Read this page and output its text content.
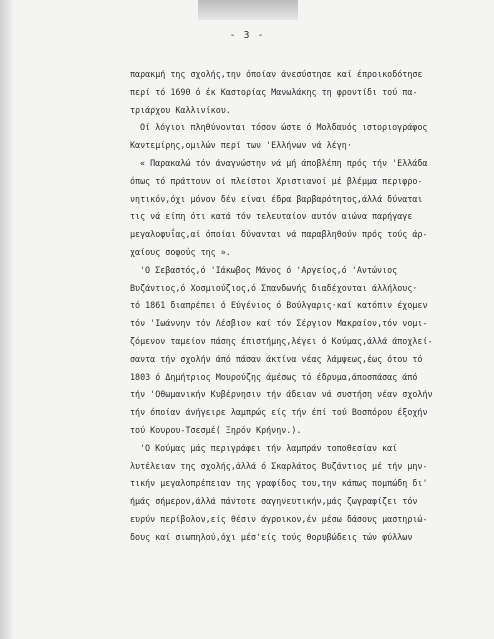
- 3 -
παρακμή της σχολής,την όποίαν άνεσύστησε καί έπροικοδότησε
περί τό 1690 ό έκ Καστορίας Μανωλάκης τη φροντίδι τού πα-
τριάρχου Καλλινίκου.
Οί λόγιοι πληθύνονται τόσον ώστε ό Μολδαυός ιστοριογράφος
Καντεμίρης,ομιλών περί των 'Ελλήνων νά λέγη·
« Παρακαλώ τόν άναγνώστην νά μή άποβλέπη πρός τήν 'Ελλάδα
όπως τό πράττουν οί πλείστοι Χριστιανοί μέ βλέμμα περιφρο-
νητικόν,όχι μόνον δέν είναι έδρα βαρβαρότητος,άλλά δύναται
τις νά είπη ότι κατά τόν τελευταίον αυτόν αιώνα παρήγαγε
μεγαλοφυΐας,αί όποίαι δύνανται νά παραβληθούν πρός τούς άρ-
χαίους σοφούς της ».
'Ο Σεβαστός,ό 'Ιάκωβος Μάνος ό 'Αργείος,ό 'Αντώνιος
Βυζάντιος,ό Χοσμιούζιος,ό Σπανδωνής διαδέχονται άλλήλους·
τό 1861 διαπρέπει ό Εύγένιος ό Βούλγαρις·καί κατόπιν έχομεν
τόν 'Ιωάννην τόν Λέσβιον καί τόν Σέργιον Μακραίον,τόν νομι-
ζόμενον ταμείον πάσης έπιστήμης,λέγει ό Κούμας,άλλά άποχλεί-
σαντα τήν σχολήν άπό πάσαν άκτίνα νέας λάμψεως,έως ότου τό
1803 ό Δημήτριος Μουρούζης άμέσως τό έδρυμα,άποσπάσας άπό
τήν 'Οθωμανικήν Κυβέρνησιν τήν άδειαν νά συστήση νέαν σχολήν
τήν όποίαν άνήγειρε λαμπρώς είς τήν έπί τού Βοσπόρου έξοχήν
τού Κουρου-Τσεσμέ( Ξηρόν Κρήνην.).
'Ο Κούμας μάς περιγράφει τήν λαμπράν τοποθεσίαν καί
λυτέλειαν της σχολής,άλλά ό Σκαρλάτος Βυζάντιος μέ τήν μην-
τικήν μεγαλοπρέπειαν της γραφίδος του,την κάπως πομπώδη δι'
ήμάς σήμερον,άλλά πάντοτε σαγηνευτικήν,μάς ζωγραφίζει τόν
ευρύν περίβολον,είς θέσιν άγροικον,έν μέσω δάσους μαστηριώ-
δους καί σιωπηλού,όχι μέσ'είς τούς θορυβώδεις τών φύλλων
